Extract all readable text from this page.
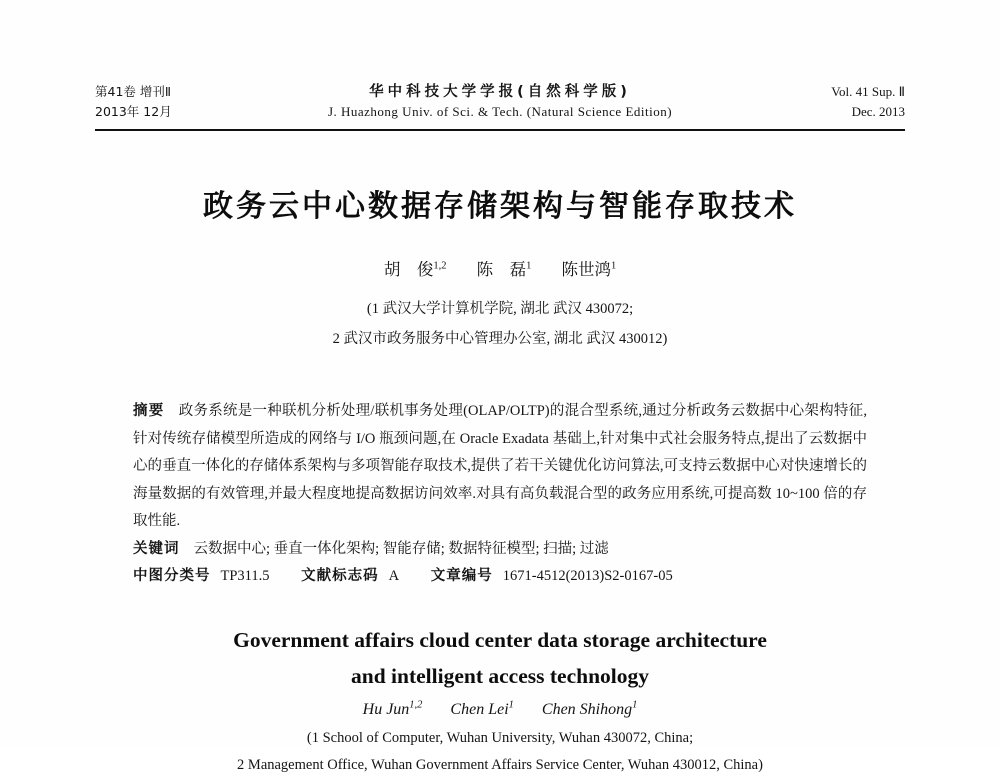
第41卷 增刊Ⅱ
2013年 12月
华中科技大学学报(自然科学版)
J. Huazhong Univ. of Sci. & Tech. (Natural Science Edition)
Vol. 41 Sup. Ⅱ
Dec. 2013
政务云中心数据存储架构与智能存取技术
胡　俊$^{1,2}$ 陈　磊$^1$ 陈世鸿$^1$
(1 武汉大学计算机学院, 湖北 武汉 430072;
2 武汉市政务服务中心管理办公室, 湖北 武汉 430012)

摘要 政务系统是一种联机分析处理/联机事务处理(OLAP/OLTP)的混合型系统,通过分析政务云数据中心架构特征,针对传统存储模型所造成的网络与 I/O 瓶颈问题,在 Oracle Exadata 基础上,针对集中式社会服务特点,提出了云数据中心的垂直一体化的存储体系架构与多项智能存取技术,提供了若干关键优化访问算法,可支持云数据中心对快速增长的海量数据的有效管理,并最大程度地提高数据访问效率.对具有高负载混合型的政务应用系统,可提高数 10~100 倍的存取性能.

关键词 云数据中心; 垂直一体化架构; 智能存储; 数据特征模型; 扫描; 过滤

中图分类号 TP311.5 文献标志码 A 文章编号 1671-4512(2013)S2-0167-05

Government affairs cloud center data storage architecture
and intelligent access technology
Hu Jun$^{1,2}$ Chen Lei$^1$ Chen Shihong$^1$
(1 School of Computer, Wuhan University, Wuhan 430072, China;
2 Management Office, Wuhan Government Affairs Service Center, Wuhan 430012, China)
